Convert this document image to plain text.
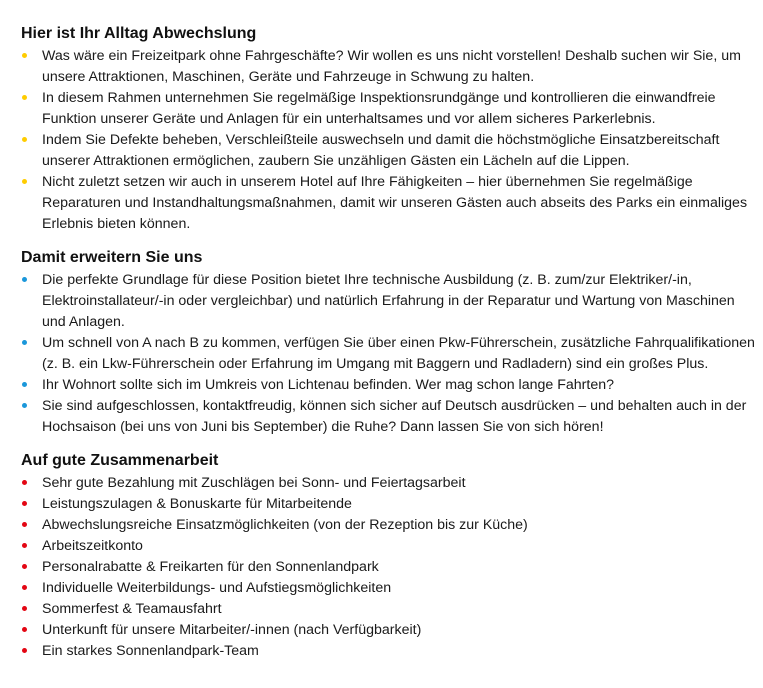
Hier ist Ihr Alltag Abwechslung
Was wäre ein Freizeitpark ohne Fahrgeschäfte? Wir wollen es uns nicht vorstellen! Deshalb suchen wir Sie, um unsere Attraktionen, Maschinen, Geräte und Fahrzeuge in Schwung zu halten.
In diesem Rahmen unternehmen Sie regelmäßige Inspektionsrundgänge und kontrollieren die einwandfreie Funktion unserer Geräte und Anlagen für ein unterhaltsames und vor allem sicheres Parkerlebnis.
Indem Sie Defekte beheben, Verschleißteile auswechseln und damit die höchstmögliche Einsatzbereitschaft unserer Attraktionen ermöglichen, zaubern Sie unzähligen Gästen ein Lächeln auf die Lippen.
Nicht zuletzt setzen wir auch in unserem Hotel auf Ihre Fähigkeiten – hier übernehmen Sie regelmäßige Reparaturen und Instandhaltungsmaßnahmen, damit wir unseren Gästen auch abseits des Parks ein einmaliges Erlebnis bieten können.
Damit erweitern Sie uns
Die perfekte Grundlage für diese Position bietet Ihre technische Ausbildung (z. B. zum/zur Elektriker/-in, Elektroinstallateur/-in oder vergleichbar) und natürlich Erfahrung in der Reparatur und Wartung von Maschinen und Anlagen.
Um schnell von A nach B zu kommen, verfügen Sie über einen Pkw-Führerschein, zusätzliche Fahrqualifikationen (z. B. ein Lkw-Führerschein oder Erfahrung im Umgang mit Baggern und Radladern) sind ein großes Plus.
Ihr Wohnort sollte sich im Umkreis von Lichtenau befinden. Wer mag schon lange Fahrten?
Sie sind aufgeschlossen, kontaktfreudig, können sich sicher auf Deutsch ausdrücken – und behalten auch in der Hochsaison (bei uns von Juni bis September) die Ruhe? Dann lassen Sie von sich hören!
Auf gute Zusammenarbeit
Sehr gute Bezahlung mit Zuschlägen bei Sonn- und Feiertagsarbeit
Leistungszulagen & Bonuskarte für Mitarbeitende
Abwechslungsreiche Einsatzmöglichkeiten (von der Rezeption bis zur Küche)
Arbeitszeitkonto
Personalrabatte & Freikarten für den Sonnenlandpark
Individuelle Weiterbildungs- und Aufstiegsmöglichkeiten
Sommerfest & Teamausfahrt
Unterkunft für unsere Mitarbeiter/-innen (nach Verfügbarkeit)
Ein starkes Sonnenlandpark-Team
